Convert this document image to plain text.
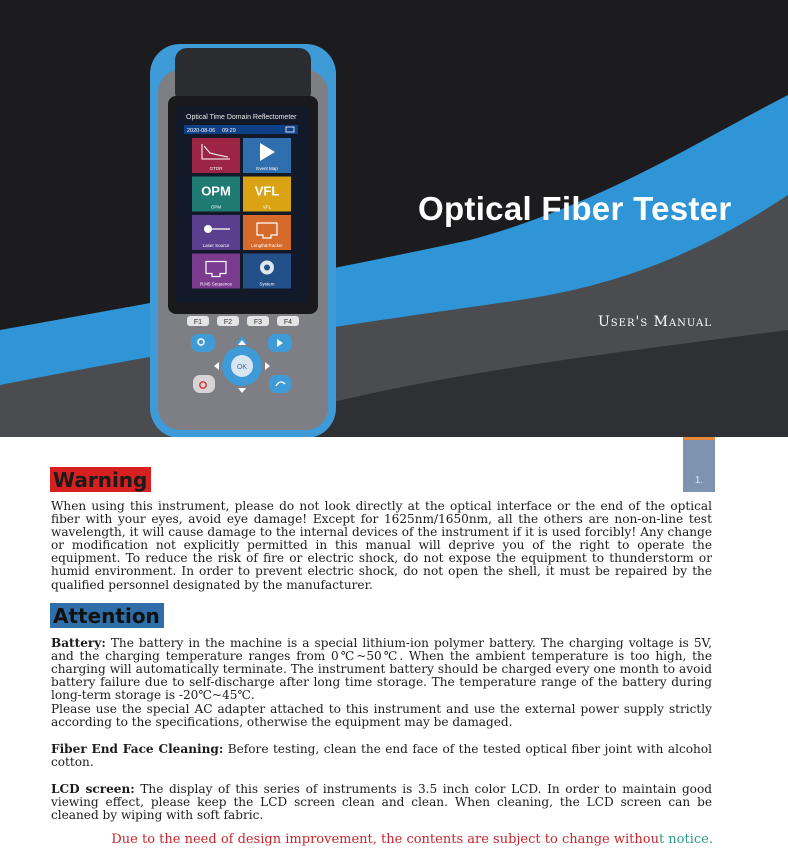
Optical Time Domain Reflectometer
2020-08-06 09:29
OTDR	Event Map
OPM
OPM
VFL
VFL
Laser Source	Length&Tracker
RJ45 Sequence	System
F1	F2	F3	F4
OK
Optical Fiber Tester
User's Manual
1.
Warning
When using this instrument, please do not look directly at the optical interface or the end of the optical fiber with your eyes, avoid eye damage! Except for 1625nm/1650nm, all the others are non-on-line test wavelength, it will cause damage to the internal devices of the instrument if it is used forcibly! Any change or modification not explicitly permitted in this manual will deprive you of the right to operate the equipment. To reduce the risk of fire or electric shock, do not expose the equipment to thunderstorm or humid environment. In order to prevent electric shock, do not open the shell, it must be repaired by the qualified personnel designated by the manufacturer.
Attention
Battery: The battery in the machine is a special lithium-ion polymer battery. The charging voltage is 5V, and the charging temperature ranges from 0℃~50℃. When the ambient temperature is too high, the charging will automatically terminate. The instrument battery should be charged every one month to avoid battery failure due to self-discharge after long time storage. The temperature range of the battery during long-term storage is -20℃~45℃.
Please use the special AC adapter attached to this instrument and use the external power supply strictly according to the specifications, otherwise the equipment may be damaged.
Fiber End Face Cleaning: Before testing, clean the end face of the tested optical fiber joint with alcohol cotton.
LCD screen: The display of this series of instruments is 3.5 inch color LCD. In order to maintain good viewing effect, please keep the LCD screen clean and clean. When cleaning, the LCD screen can be cleaned by wiping with soft fabric.
Due to the need of design improvement, the contents are subject to change without notice.
